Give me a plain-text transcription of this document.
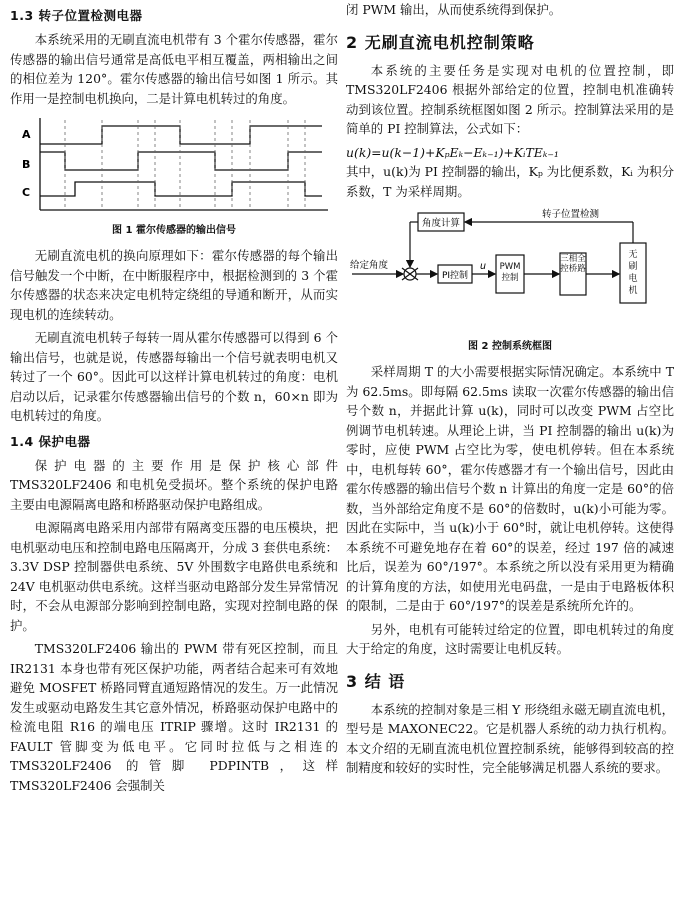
1.3 转子位置检测电器

本系统采用的无刷直流电机带有 3 个霍尔传感器，霍尔传感器的输出信号通常是高低电平相互覆盖，两相输出之间的相位差为 120°。霍尔传感器的输出信号如图 1 所示。其作用一是控制电机换向，二是计算电机转过的角度。

A
B
C
图 1 霍尔传感器的输出信号

无刷直流电机的换向原理如下：霍尔传感器的每个输出信号触发一个中断，在中断服程序中，根据检测到的 3 个霍尔传感器的状态来决定电机特定绕组的导通和断开，从而实现电机的连续转动。

无刷直流电机转子每转一周从霍尔传感器可以得到 6 个输出信号，也就是说，传感器每输出一个信号就表明电机又转过了一个 60°。因此可以这样计算电机转过的角度：电机启动以后，记录霍尔传感器输出信号的个数 n，60×n 即为电机转过的角度。

1.4 保护电器

保护电器的主要作用是保护核心部件 TMS320LF2406 和电机免受损坏。整个系统的保护电路主要由电源隔离电路和桥路驱动保护电路组成。

电源隔离电路采用内部带有隔离变压器的电压模块，把电机驱动电压和控制电路电压隔离开，分成 3 套供电系统：3.3V DSP 控制器供电系统、5V 外围数字电路供电系统和 24V 电机驱动供电系统。这样当驱动电路部分发生异常情况时，不会从电源部分影响到控制电路，实现对控制电路的保护。

TMS320LF2406 输出的 PWM 带有死区控制，而且 IR2131 本身也带有死区保护功能，两者结合起来可有效地避免 MOSFET 桥路同臂直通短路情况的发生。万一此情况发生或驱动电路发生其它意外情况，桥路驱动保护电路中的检流电阻 R16 的端电压 ITRIP 骤增。这时 IR2131 的 FAULT 管脚变为低电平。它同时拉低与之相连的 TMS320LF2406 的管脚 PDPINTB，这样 TMS320LF2406 会强制关

闭 PWM 输出，从而使系统得到保护。

2 无刷直流电机控制策略

本系统的主要任务是实现对电机的位置控制，即 TMS320LF2406 根据外部给定的位置，控制电机准确转动到该位置。控制系统框图如图 2 所示。控制算法采用的是简单的 PI 控制算法，公式如下：

u(k)=u(k−1)+KₚEₖ−Eₖ₋₁)+KᵢTEₖ₋₁

其中，u(k)为 PI 控制器的输出，Kₚ 为比便系数，Kᵢ 为积分系数，T 为采样周期。

角度计算
转子位置检测
给定角度
PI控制
u	PWM控制
三相全控桥路
无刷电机
图 2 控制系统框图

采样周期 T 的大小需要根据实际情况确定。本系统中 T 为 62.5ms。即每隔 62.5ms 读取一次霍尔传感器的输出信号个数 n，并据此计算 u(k)，同时可以改变 PWM 占空比例调节电机转速。从理论上讲，当 PI 控制器的输出 u(k)为零时，应使 PWM 占空比为零，使电机停转。但在本系统中，电机每转 60°，霍尔传感器才有一个输出信号，因此由霍尔传感器的输出信号个数 n 计算出的角度一定是 60°的倍数，当外部给定角度不是 60°的倍数时，u(k)小可能为零。因此在实际中，当 u(k)小于 60°时，就让电机停转。这使得本系统不可避免地存在着 60°的误差，经过 197 倍的减速比后，误差为 60°/197°。本系统之所以没有采用更为精确的计算角度的方法，如使用光电码盘，一是由于电路板体积的限制，二是由于 60°/197°的误差是系统所允许的。

另外，电机有可能转过给定的位置，即电机转过的角度大于给定的角度，这时需要让电机反转。

3 结 语

本系统的控制对象是三相 Y 形绕组永磁无刷直流电机，型号是 MAXONEC22。它是机器人系统的动力执行机构。本文介绍的无刷直流电机位置控制系统，能够得到较高的控制精度和较好的实时性，完全能够满足机器人系统的要求。
